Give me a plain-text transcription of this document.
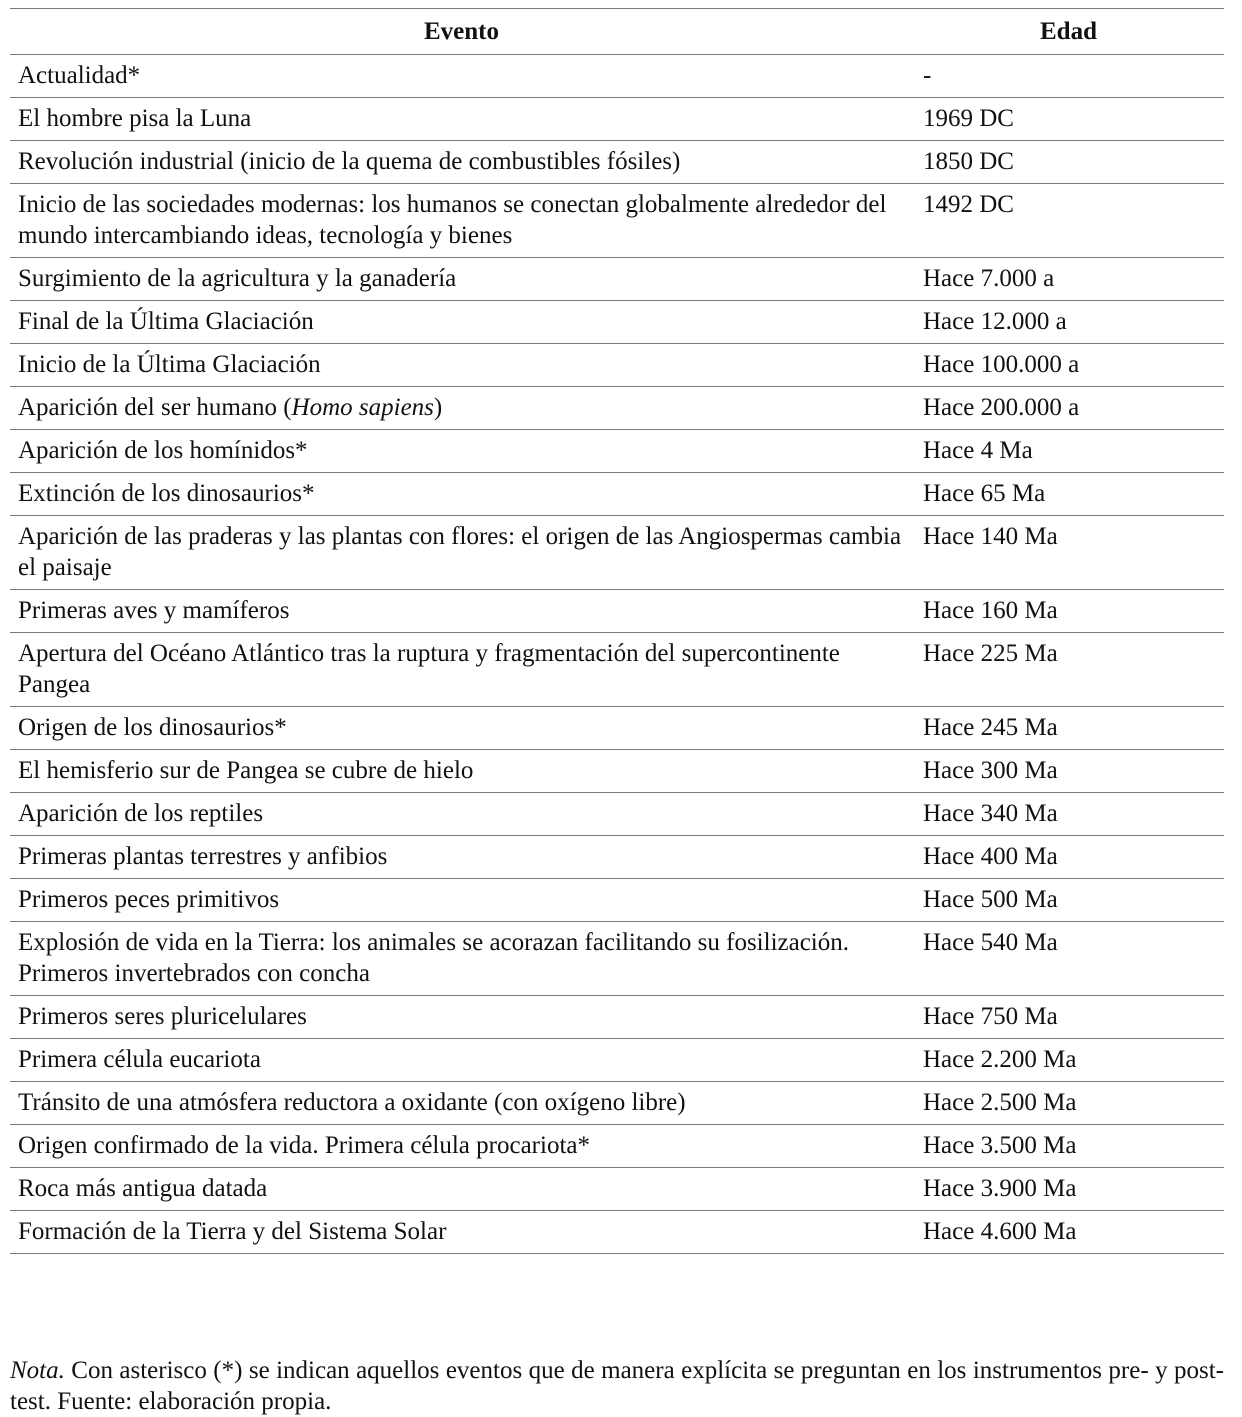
Evento	Edad
Actualidad*	-
El hombre pisa la Luna	1969 DC
Revolución industrial (inicio de la quema de combustibles fósiles)	1850 DC
Inicio de las sociedades modernas: los humanos se conectan globalmente alrededor del mundo intercambiando ideas, tecnología y bienes	1492 DC
Surgimiento de la agricultura y la ganadería	Hace 7.000 a
Final de la Última Glaciación	Hace 12.000 a
Inicio de la Última Glaciación	Hace 100.000 a
Aparición del ser humano (Homo sapiens)	Hace 200.000 a
Aparición de los homínidos*	Hace 4 Ma
Extinción de los dinosaurios*	Hace 65 Ma
Aparición de las praderas y las plantas con flores: el origen de las Angiospermas cambia el paisaje	Hace 140 Ma
Primeras aves y mamíferos	Hace 160 Ma
Apertura del Océano Atlántico tras la ruptura y fragmentación del supercontinente  Pangea	Hace 225 Ma
Origen de los dinosaurios*	Hace 245 Ma
El hemisferio sur de Pangea se cubre de hielo	Hace 300 Ma
Aparición de los reptiles	Hace 340 Ma
Primeras plantas terrestres y anfibios	Hace 400 Ma
Primeros peces primitivos	Hace 500 Ma
Explosión de vida en la Tierra: los animales se acorazan facilitando su fosilización. Primeros invertebrados con concha	Hace 540 Ma
Primeros seres pluricelulares	Hace 750 Ma
Primera célula eucariota	Hace 2.200 Ma
Tránsito de una atmósfera reductora a oxidante (con oxígeno libre)	Hace 2.500 Ma
Origen confirmado de la vida. Primera célula procariota*	Hace 3.500 Ma
Roca más antigua datada	Hace 3.900 Ma
Formación de la Tierra y del Sistema Solar	Hace 4.600 Ma

Nota. Con asterisco (*) se indican aquellos eventos que de manera explícita se preguntan en los instrumentos pre- y post-test. Fuente: elaboración propia.
